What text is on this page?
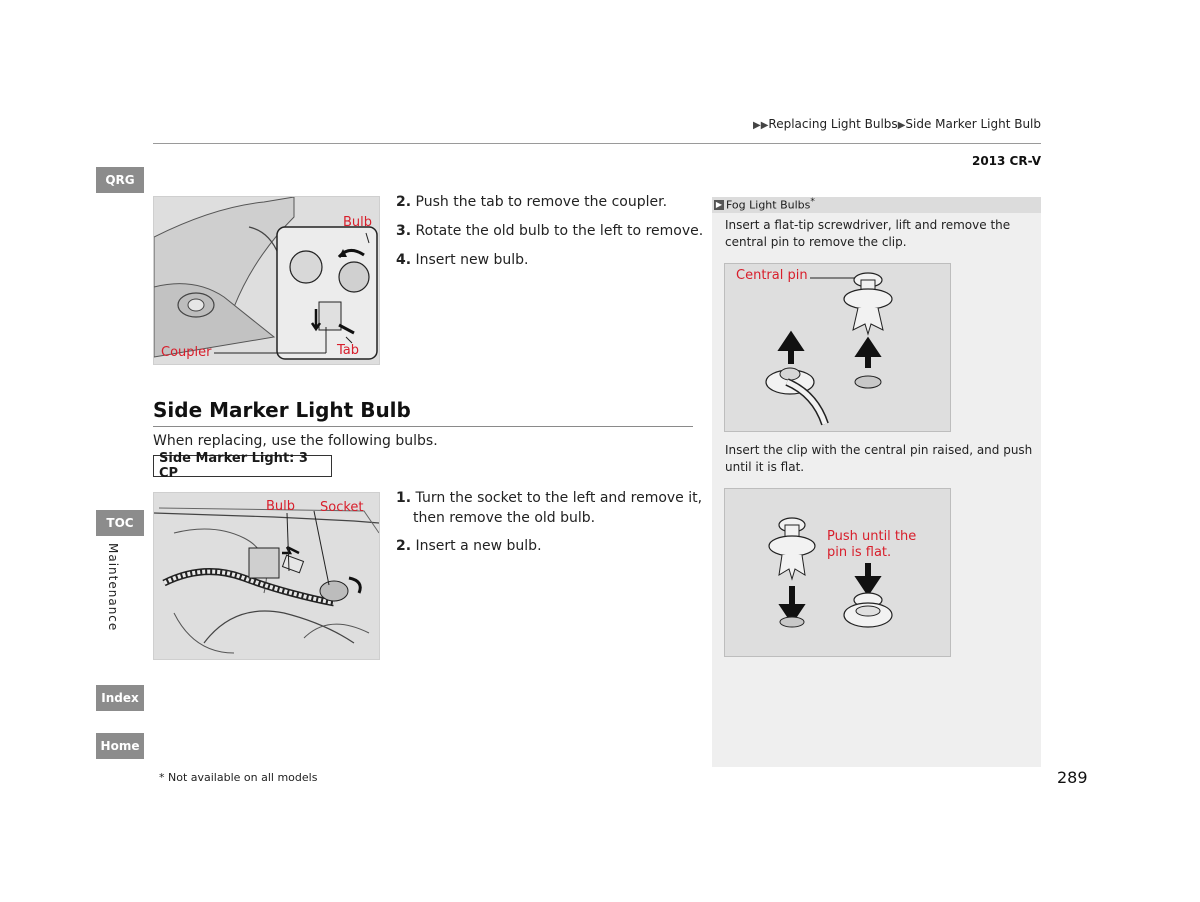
▶▶Replacing Light Bulbs▶Side Marker Light Bulb
2013 CR-V
QRG
TOC
Maintenance
Index
Home
Bulb
Coupler	Tab
2. Push the tab to remove the coupler.
3. Rotate the old bulb to the left to remove.
4. Insert new bulb.
Side Marker Light Bulb
When replacing, use the following bulbs.
Side Marker Light: 3 CP
Bulb Socket
1. Turn the socket to the left and remove it,
then remove the old bulb.
2. Insert a new bulb.
▶ Fog Light Bulbs*
Insert a flat-tip screwdriver, lift and remove the
central pin to remove the clip.
Central pin
Insert the clip with the central pin raised, and push
until it is flat.
Push until the
pin is flat.
* Not available on all models	289
